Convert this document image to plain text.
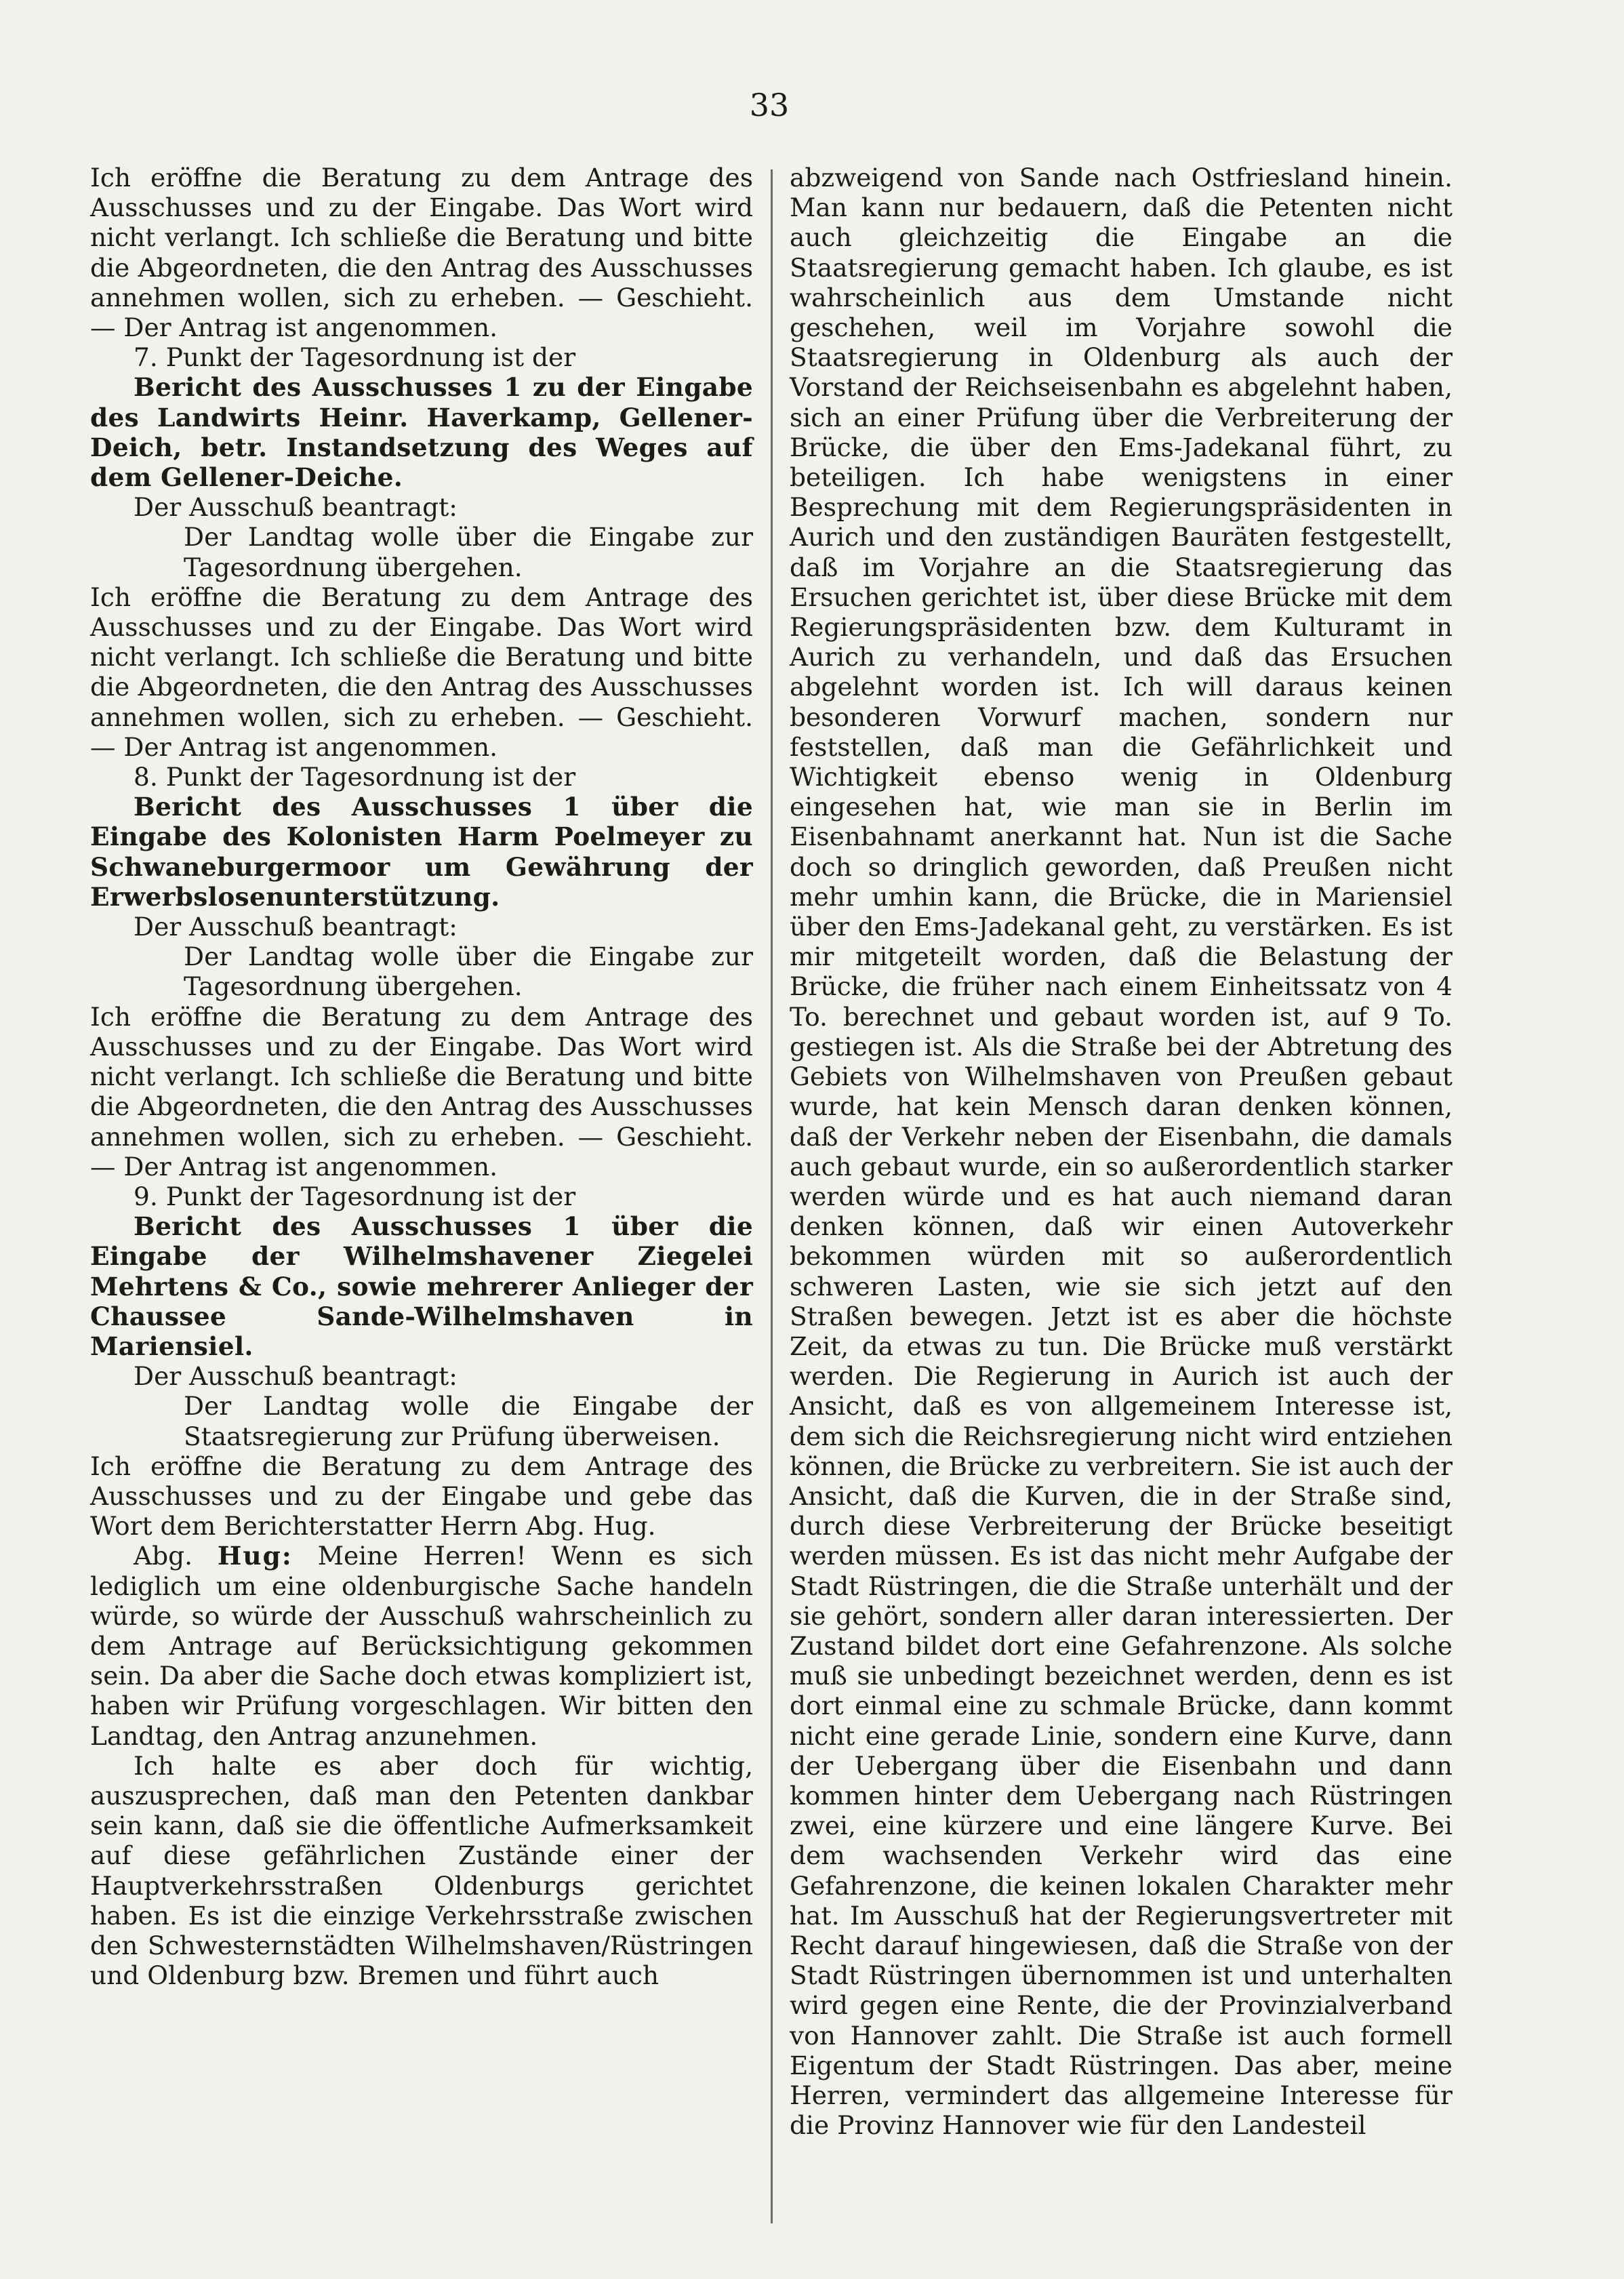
33

Ich eröffne die Beratung zu dem Antrage des Ausschusses und zu der Eingabe. Das Wort wird nicht verlangt. Ich schließe die Beratung und bitte die Abgeordneten, die den Antrag des Ausschusses annehmen wollen, sich zu erheben. — Geschieht. — Der Antrag ist angenommen.

7. Punkt der Tagesordnung ist der

Bericht des Ausschusses 1 zu der Eingabe des Landwirts Heinr. Haverkamp, Gellener-Deich, betr. Instandsetzung des Weges auf dem Gellener-Deiche.

Der Ausschuß beantragt:

Der Landtag wolle über die Eingabe zur Tagesordnung übergehen.

Ich eröffne die Beratung zu dem Antrage des Ausschusses und zu der Eingabe. Das Wort wird nicht verlangt. Ich schließe die Beratung und bitte die Abgeordneten, die den Antrag des Ausschusses annehmen wollen, sich zu erheben. — Geschieht. — Der Antrag ist angenommen.

8. Punkt der Tagesordnung ist der

Bericht des Ausschusses 1 über die Eingabe des Kolonisten Harm Poelmeyer zu Schwaneburgermoor um Gewährung der Erwerbslosenunterstützung.

Der Ausschuß beantragt:

Der Landtag wolle über die Eingabe zur Tagesordnung übergehen.

Ich eröffne die Beratung zu dem Antrage des Ausschusses und zu der Eingabe. Das Wort wird nicht verlangt. Ich schließe die Beratung und bitte die Abgeordneten, die den Antrag des Ausschusses annehmen wollen, sich zu erheben. — Geschieht. — Der Antrag ist angenommen.

9. Punkt der Tagesordnung ist der

Bericht des Ausschusses 1 über die Eingabe der Wilhelmshavener Ziegelei Mehrtens & Co., sowie mehrerer Anlieger der Chaussee Sande-Wilhelmshaven in Mariensiel.

Der Ausschuß beantragt:

Der Landtag wolle die Eingabe der Staatsregierung zur Prüfung überweisen.

Ich eröffne die Beratung zu dem Antrage des Ausschusses und zu der Eingabe und gebe das Wort dem Berichterstatter Herrn Abg. Hug.

Abg. Hug: Meine Herren! Wenn es sich lediglich um eine oldenburgische Sache handeln würde, so würde der Ausschuß wahrscheinlich zu dem Antrage auf Berücksichtigung gekommen sein. Da aber die Sache doch etwas kompliziert ist, haben wir Prüfung vorgeschlagen. Wir bitten den Landtag, den Antrag anzunehmen.

Ich halte es aber doch für wichtig, auszusprechen, daß man den Petenten dankbar sein kann, daß sie die öffentliche Aufmerksamkeit auf diese gefährlichen Zustände einer der Hauptverkehrsstraßen Oldenburgs gerichtet haben. Es ist die einzige Verkehrsstraße zwischen den Schwesternstädten Wilhelmshaven/Rüstringen und Oldenburg bzw. Bremen und führt auch

abzweigend von Sande nach Ostfriesland hinein. Man kann nur bedauern, daß die Petenten nicht auch gleichzeitig die Eingabe an die Staatsregierung gemacht haben. Ich glaube, es ist wahrscheinlich aus dem Umstande nicht geschehen, weil im Vorjahre sowohl die Staatsregierung in Oldenburg als auch der Vorstand der Reichseisenbahn es abgelehnt haben, sich an einer Prüfung über die Verbreiterung der Brücke, die über den Ems-Jadekanal führt, zu beteiligen. Ich habe wenigstens in einer Besprechung mit dem Regierungspräsidenten in Aurich und den zuständigen Bauräten festgestellt, daß im Vorjahre an die Staatsregierung das Ersuchen gerichtet ist, über diese Brücke mit dem Regierungspräsidenten bzw. dem Kulturamt in Aurich zu verhandeln, und daß das Ersuchen abgelehnt worden ist. Ich will daraus keinen besonderen Vorwurf machen, sondern nur feststellen, daß man die Gefährlichkeit und Wichtigkeit ebenso wenig in Oldenburg eingesehen hat, wie man sie in Berlin im Eisenbahnamt anerkannt hat. Nun ist die Sache doch so dringlich geworden, daß Preußen nicht mehr umhin kann, die Brücke, die in Mariensiel über den Ems-Jadekanal geht, zu verstärken. Es ist mir mitgeteilt worden, daß die Belastung der Brücke, die früher nach einem Einheitssatz von 4 To. berechnet und gebaut worden ist, auf 9 To. gestiegen ist. Als die Straße bei der Abtretung des Gebiets von Wilhelmshaven von Preußen gebaut wurde, hat kein Mensch daran denken können, daß der Verkehr neben der Eisenbahn, die damals auch gebaut wurde, ein so außerordentlich starker werden würde und es hat auch niemand daran denken können, daß wir einen Autoverkehr bekommen würden mit so außerordentlich schweren Lasten, wie sie sich jetzt auf den Straßen bewegen. Jetzt ist es aber die höchste Zeit, da etwas zu tun. Die Brücke muß verstärkt werden. Die Regierung in Aurich ist auch der Ansicht, daß es von allgemeinem Interesse ist, dem sich die Reichsregierung nicht wird entziehen können, die Brücke zu verbreitern. Sie ist auch der Ansicht, daß die Kurven, die in der Straße sind, durch diese Verbreiterung der Brücke beseitigt werden müssen. Es ist das nicht mehr Aufgabe der Stadt Rüstringen, die die Straße unterhält und der sie gehört, sondern aller daran interessierten. Der Zustand bildet dort eine Gefahrenzone. Als solche muß sie unbedingt bezeichnet werden, denn es ist dort einmal eine zu schmale Brücke, dann kommt nicht eine gerade Linie, sondern eine Kurve, dann der Uebergang über die Eisenbahn und dann kommen hinter dem Uebergang nach Rüstringen zwei, eine kürzere und eine längere Kurve. Bei dem wachsenden Verkehr wird das eine Gefahrenzone, die keinen lokalen Charakter mehr hat. Im Ausschuß hat der Regierungsvertreter mit Recht darauf hingewiesen, daß die Straße von der Stadt Rüstringen übernommen ist und unterhalten wird gegen eine Rente, die der Provinzialverband von Hannover zahlt. Die Straße ist auch formell Eigentum der Stadt Rüstringen. Das aber, meine Herren, vermindert das allgemeine Interesse für die Provinz Hannover wie für den Landesteil
